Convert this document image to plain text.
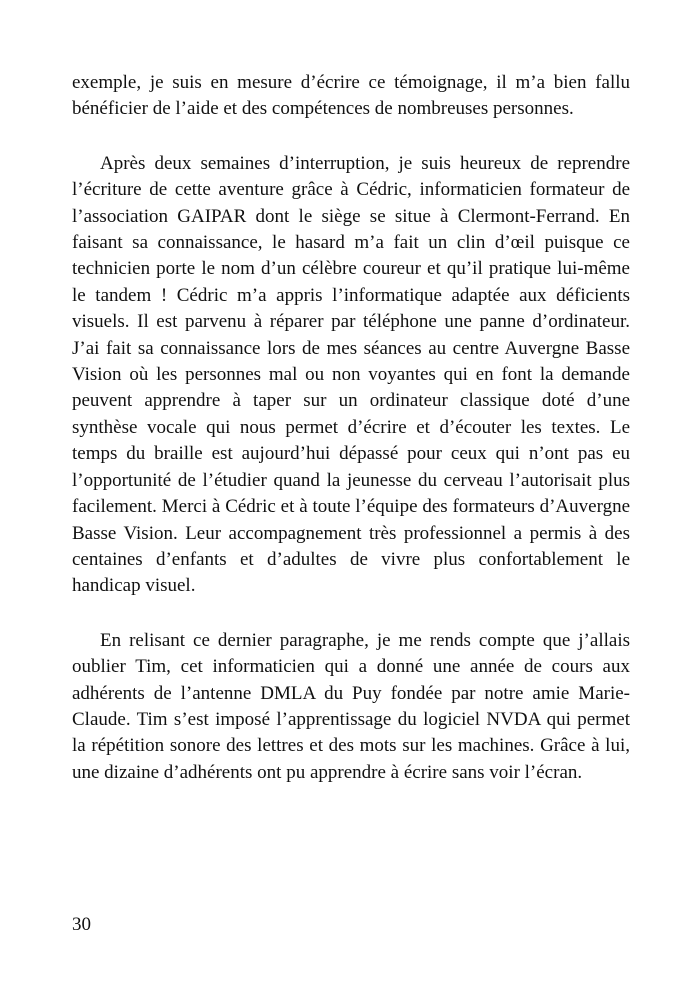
exemple, je suis en mesure d’écrire ce témoignage, il m’a bien fallu bénéficier de l’aide et des compétences de nombreuses personnes.

Après deux semaines d’interruption, je suis heureux de reprendre l’écriture de cette aventure grâce à Cédric, informaticien formateur de l’association GAIPAR dont le siège se situe à Clermont-Ferrand. En faisant sa connaissance, le hasard m’a fait un clin d’œil puisque ce technicien porte le nom d’un célèbre coureur et qu’il pratique lui-même le tandem ! Cédric m’a appris l’informatique adaptée aux déficients visuels. Il est parvenu à réparer par téléphone une panne d’ordinateur. J’ai fait sa connaissance lors de mes séances au centre Auvergne Basse Vision où les personnes mal ou non voyantes qui en font la demande peuvent apprendre à taper sur un ordinateur classique doté d’une synthèse vocale qui nous permet d’écrire et d’écouter les textes. Le temps du braille est aujourd’hui dépassé pour ceux qui n’ont pas eu l’opportunité de l’étudier quand la jeunesse du cerveau l’autorisait plus facilement. Merci à Cédric et à toute l’équipe des formateurs d’Auvergne Basse Vision. Leur accompagnement très professionnel a permis à des centaines d’enfants et d’adultes de vivre plus confortablement le handicap visuel.

En relisant ce dernier paragraphe, je me rends compte que j’allais oublier Tim, cet informaticien qui a donné une année de cours aux adhérents de l’antenne DMLA du Puy fondée par notre amie Marie-Claude. Tim s’est imposé l’apprentissage du logiciel NVDA qui permet la répétition sonore des lettres et des mots sur les machines. Grâce à lui, une dizaine d’adhérents ont pu apprendre à écrire sans voir l’écran.

30
